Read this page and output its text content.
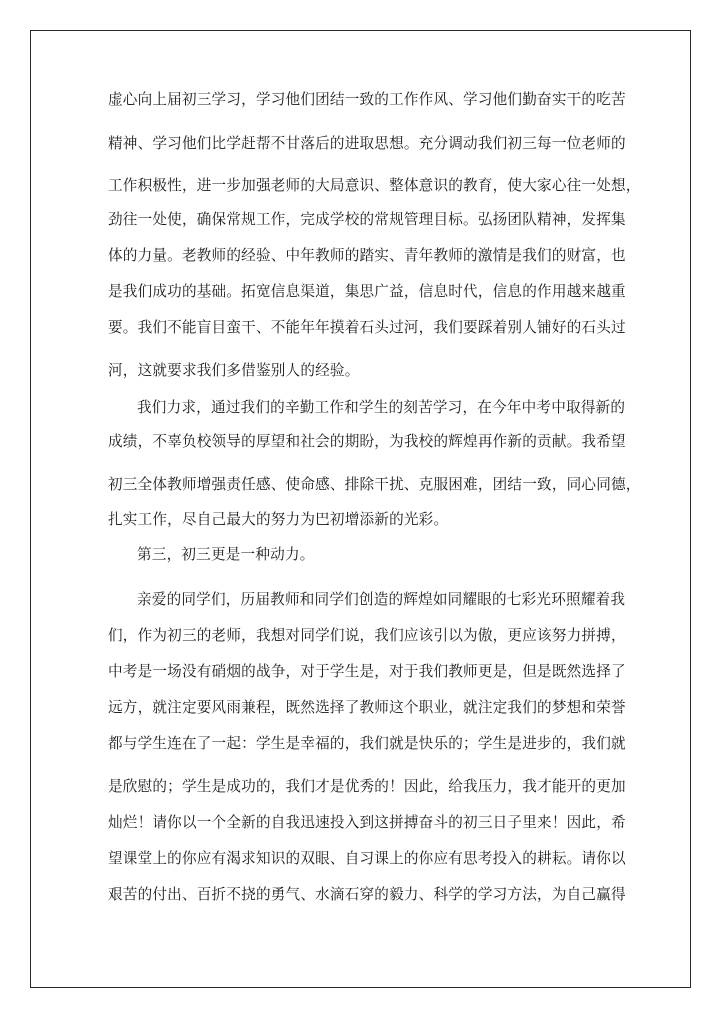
虚心向上届初三学习，学习他们团结一致的工作作风、学习他们勤奋实干的吃苦
精神、学习他们比学赶帮不甘落后的进取思想。充分调动我们初三每一位老师的
工作积极性，进一步加强老师的大局意识、整体意识的教育，使大家心往一处想，
劲往一处使，确保常规工作，完成学校的常规管理目标。弘扬团队精神，发挥集
体的力量。老教师的经验、中年教师的踏实、青年教师的激情是我们的财富，也
是我们成功的基础。拓宽信息渠道，集思广益，信息时代，信息的作用越来越重
要。我们不能盲目蛮干、不能年年摸着石头过河，我们要踩着别人铺好的石头过
河，这就要求我们多借鉴别人的经验。
我们力求，通过我们的辛勤工作和学生的刻苦学习，在今年中考中取得新的
成绩，不辜负校领导的厚望和社会的期盼，为我校的辉煌再作新的贡献。我希望
初三全体教师增强责任感、使命感、排除干扰、克服困难，团结一致，同心同德，
扎实工作，尽自己最大的努力为巴初增添新的光彩。
第三，初三更是一种动力。
亲爱的同学们，历届教师和同学们创造的辉煌如同耀眼的七彩光环照耀着我
们，作为初三的老师，我想对同学们说，我们应该引以为傲，更应该努力拼搏，
中考是一场没有硝烟的战争，对于学生是，对于我们教师更是，但是既然选择了
远方，就注定要风雨兼程，既然选择了教师这个职业，就注定我们的梦想和荣誉
都与学生连在了一起：学生是幸福的，我们就是快乐的；学生是进步的，我们就
是欣慰的；学生是成功的，我们才是优秀的！因此，给我压力，我才能开的更加
灿烂！请你以一个全新的自我迅速投入到这拼搏奋斗的初三日子里来！因此，希
望课堂上的你应有渴求知识的双眼、自习课上的你应有思考投入的耕耘。请你以
艰苦的付出、百折不挠的勇气、水滴石穿的毅力、科学的学习方法，为自己赢得
